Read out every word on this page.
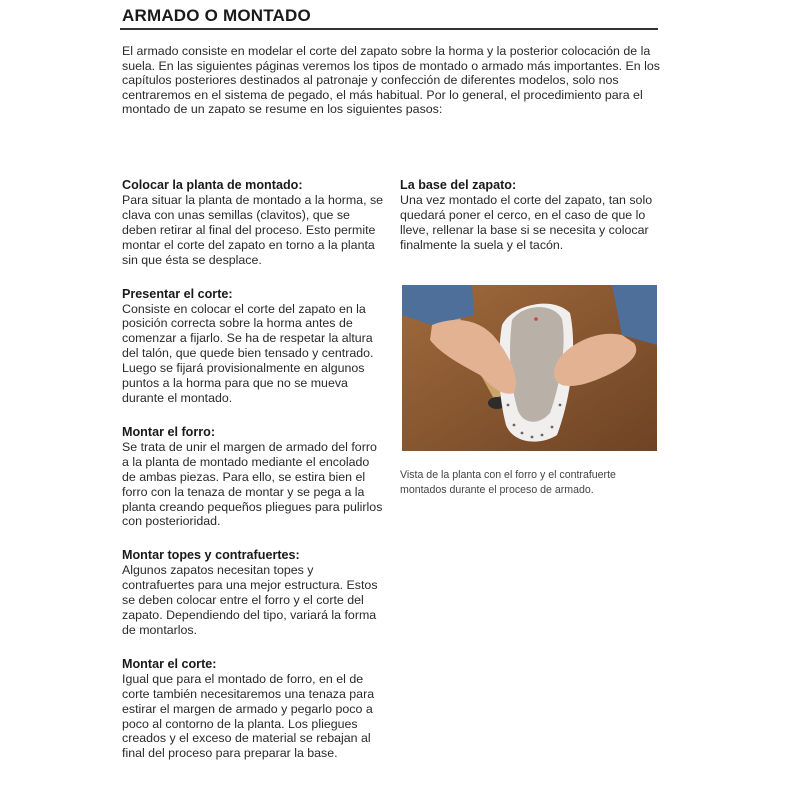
ARMADO O MONTADO

El armado consiste en modelar el corte del zapato sobre la horma y la posterior colocación de la suela. En las siguientes páginas veremos los tipos de montado o armado más importantes. En los capítulos posteriores destinados al patronaje y confección de diferentes modelos, solo nos centraremos en el sistema de pegado, el más habitual. Por lo general, el procedimiento para el montado de un zapato se resume en los siguientes pasos:

Colocar la planta de montado:

Para situar la planta de montado a la horma, se clava con unas semillas (clavitos), que se deben retirar al final del proceso. Esto permite montar el corte del zapato en torno a la planta sin que ésta se desplace.

Presentar el corte:

Consiste en colocar el corte del zapato en la posición correcta sobre la horma antes de comenzar a fijarlo. Se ha de respetar la altura del talón, que quede bien tensado y centrado. Luego se fijará provisionalmente en algunos puntos a la horma para que no se mueva durante el montado.

Montar el forro:

Se trata de unir el margen de armado del forro a la planta de montado mediante el encolado de ambas piezas. Para ello, se estira bien el forro con la tenaza de montar y se pega a la planta creando pequeños pliegues para pulirlos con posterioridad.

Montar topes y contrafuertes:

Algunos zapatos necesitan topes y contrafuertes para una mejor estructura. Estos se deben colocar entre el forro y el corte del zapato. Dependiendo del tipo, variará la forma de montarlos.

Montar el corte:

Igual que para el montado de forro, en el de corte también necesitaremos una tenaza para estirar el margen de armado y pegarlo poco a poco al contorno de la planta. Los pliegues creados y el exceso de material se rebajan al final del proceso para preparar la base.

La base del zapato:

Una vez montado el corte del zapato, tan solo quedará poner el cerco, en el caso de que lo lleve, rellenar la base si se necesita y colocar finalmente la suela y el tacón.

Vista de la planta con el forro y el contrafuerte montados durante el proceso de armado.
